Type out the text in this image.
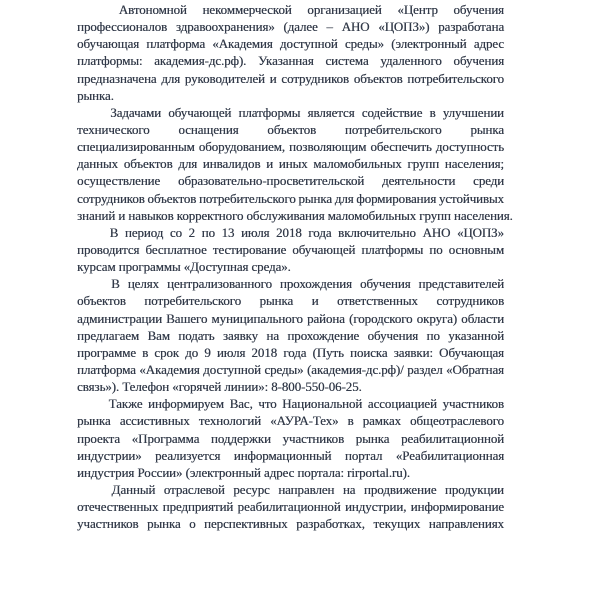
Автономной некоммерческой организацией «Центр обучения
профессионалов здравоохранения» (далее – АНО «ЦОПЗ») разработана
обучающая платформа «Академия доступной среды» (электронный адрес
платформы: академия-дс.рф). Указанная система удаленного обучения
предназначена для руководителей и сотрудников объектов потребительского
рынка.
Задачами обучающей платформы является содействие в улучшении
технического оснащения объектов потребительского рынка
специализированным оборудованием, позволяющим обеспечить доступность
данных объектов для инвалидов и иных маломобильных групп населения;
осуществление образовательно-просветительской деятельности среди
сотрудников объектов потребительского рынка для формирования устойчивых
знаний и навыков корректного обслуживания маломобильных групп населения.
В период со 2 по 13 июля 2018 года включительно АНО «ЦОПЗ»
проводится бесплатное тестирование обучающей платформы по основным
курсам программы «Доступная среда».
В целях централизованного прохождения обучения представителей
объектов потребительского рынка и ответственных сотрудников
администрации Вашего муниципального района (городского округа) области
предлагаем Вам подать заявку на прохождение обучения по указанной
программе в срок до 9 июля 2018 года (Путь поиска заявки: Обучающая
платформа «Академия доступной среды» (академия-дс.рф)/ раздел «Обратная
связь»). Телефон «горячей линии»: 8-800-550-06-25.
Также информируем Вас, что Национальной ассоциацией участников
рынка ассистивных технологий «АУРА-Тех» в рамках общеотраслевого
проекта «Программа поддержки участников рынка реабилитационной
индустрии» реализуется информационный портал «Реабилитационная
индустрия России» (электронный адрес портала: rirportal.ru).
Данный отраслевой ресурс направлен на продвижение продукции
отечественных предприятий реабилитационной индустрии, информирование
участников рынка о перспективных разработках, текущих направлениях
